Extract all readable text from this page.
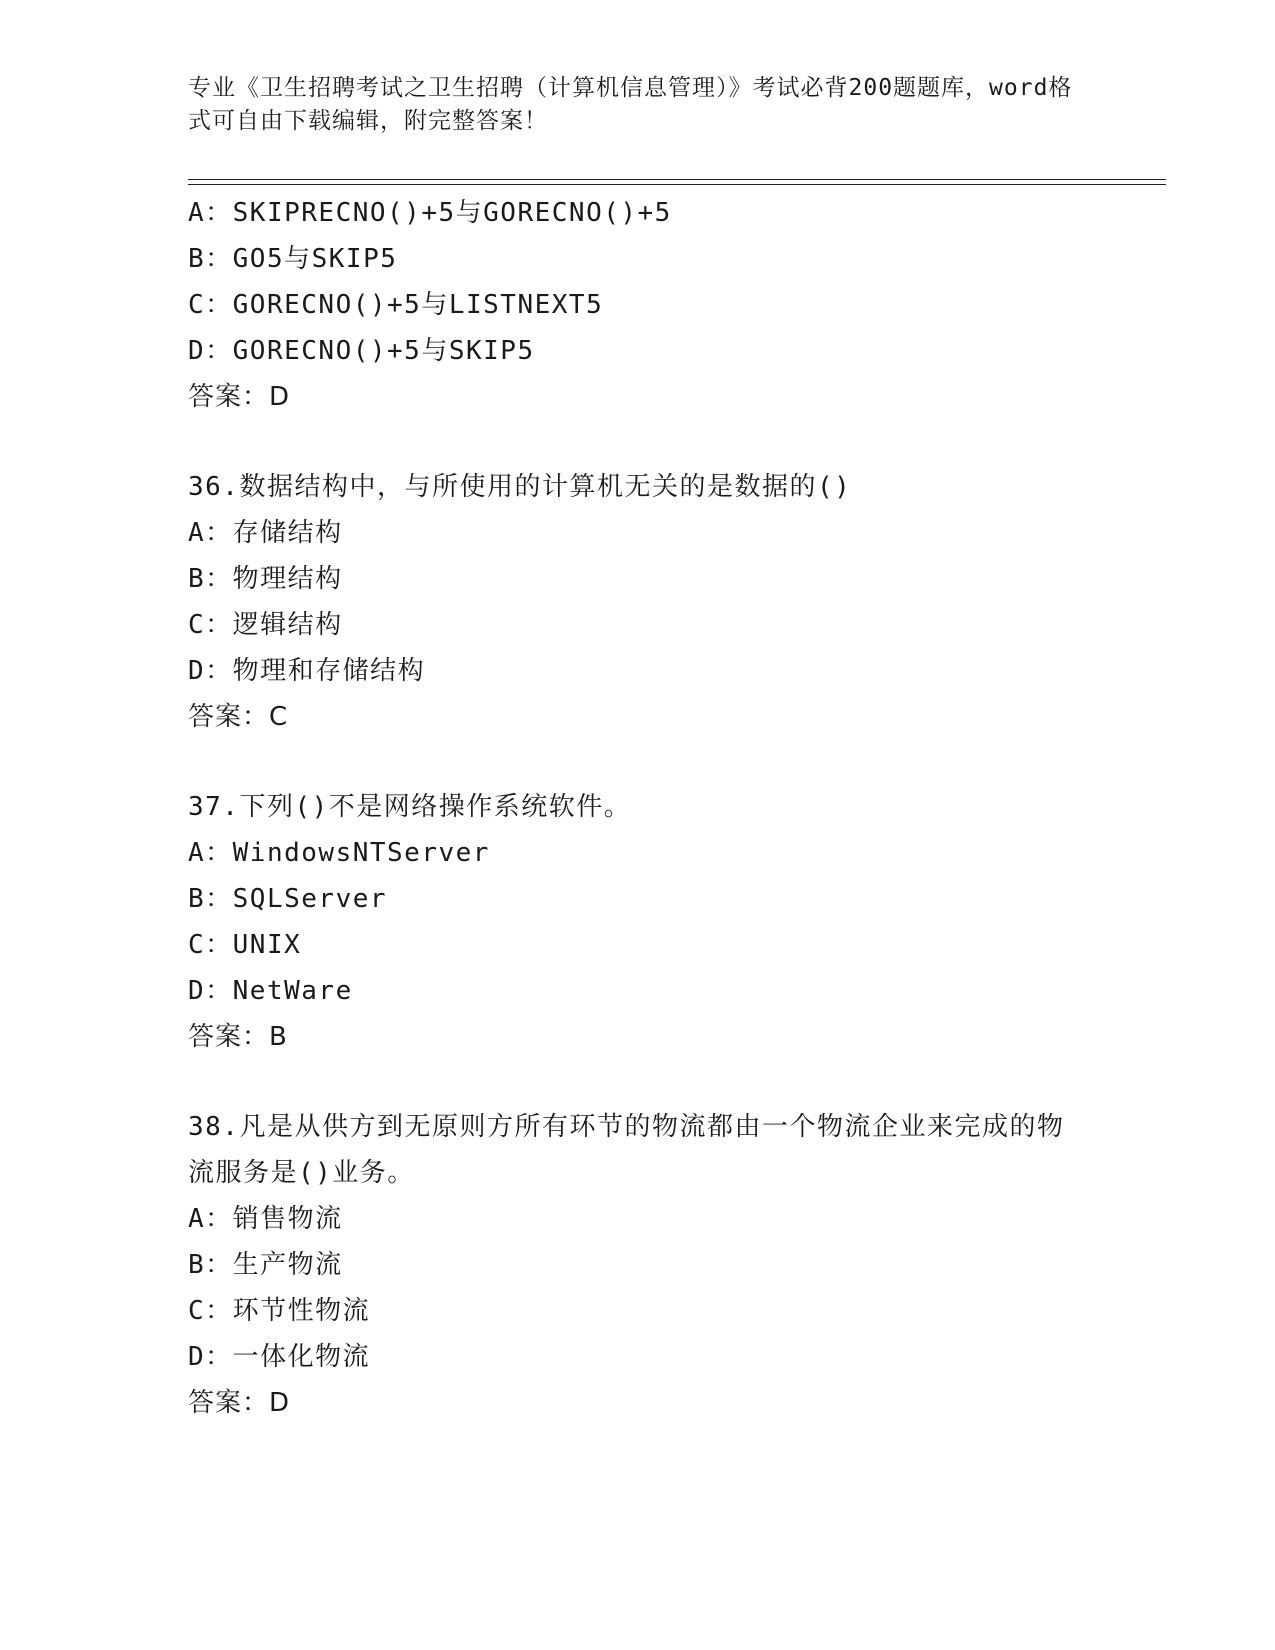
专业《卫生招聘考试之卫生招聘（计算机信息管理）》考试必背200题题库，word格式可自由下载编辑，附完整答案！
A：SKIPRECNO()+5与GORECNO()+5
B：GO5与SKIP5
C：GORECNO()+5与LISTNEXT5
D：GORECNO()+5与SKIP5
答案：D
36.数据结构中，与所使用的计算机无关的是数据的()
A：存储结构
B：物理结构
C：逻辑结构
D：物理和存储结构
答案：C
37.下列()不是网络操作系统软件。
A：WindowsNTServer
B：SQLServer
C：UNIX
D：NetWare
答案：B
38.凡是从供方到无原则方所有环节的物流都由一个物流企业来完成的物流服务是()业务。
A：销售物流
B：生产物流
C：环节性物流
D：一体化物流
答案：D
